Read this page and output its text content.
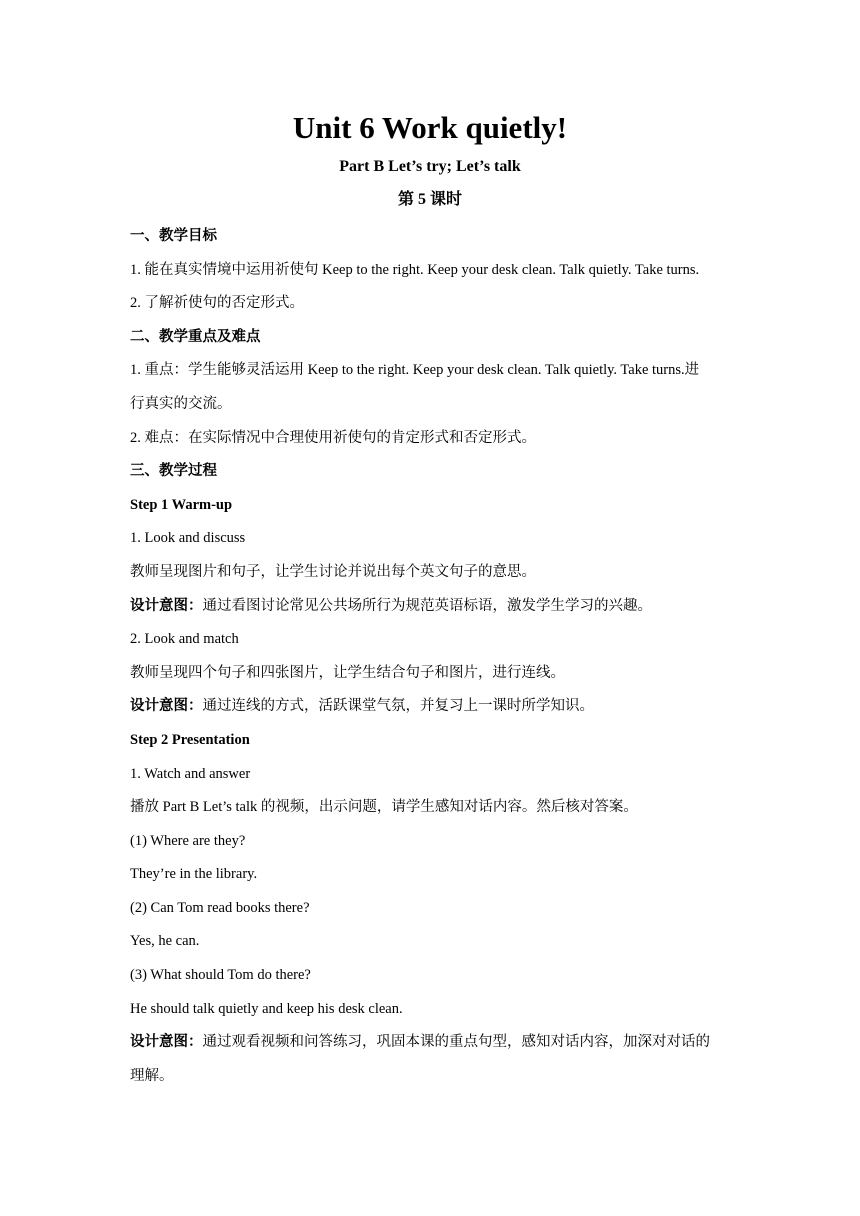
Unit 6 Work quietly!
Part B Let’s try; Let’s talk
第 5 课时
一、教学目标
1. 能在真实情境中运用祈使句 Keep to the right. Keep your desk clean. Talk quietly. Take turns.
2. 了解祈使句的否定形式。
二、教学重点及难点
1. 重点：学生能够灵活运用 Keep to the right. Keep your desk clean. Talk quietly. Take turns.进
行真实的交流。
2. 难点：在实际情况中合理使用祈使句的肯定形式和否定形式。
三、教学过程
Step 1 Warm-up
1. Look and discuss
教师呈现图片和句子，让学生讨论并说出每个英文句子的意思。
设计意图：通过看图讨论常见公共场所行为规范英语标语，激发学生学习的兴趣。
2. Look and match
教师呈现四个句子和四张图片，让学生结合句子和图片，进行连线。
设计意图：通过连线的方式，活跃课堂气氛，并复习上一课时所学知识。
Step 2 Presentation
1. Watch and answer
播放 Part B Let’s talk 的视频，出示问题，请学生感知对话内容。然后核对答案。
(1) Where are they?
They’re in the library.
(2) Can Tom read books there?
Yes, he can.
(3) What should Tom do there?
He should talk quietly and keep his desk clean.
设计意图：通过观看视频和问答练习，巩固本课的重点句型，感知对话内容，加深对对话的
理解。
